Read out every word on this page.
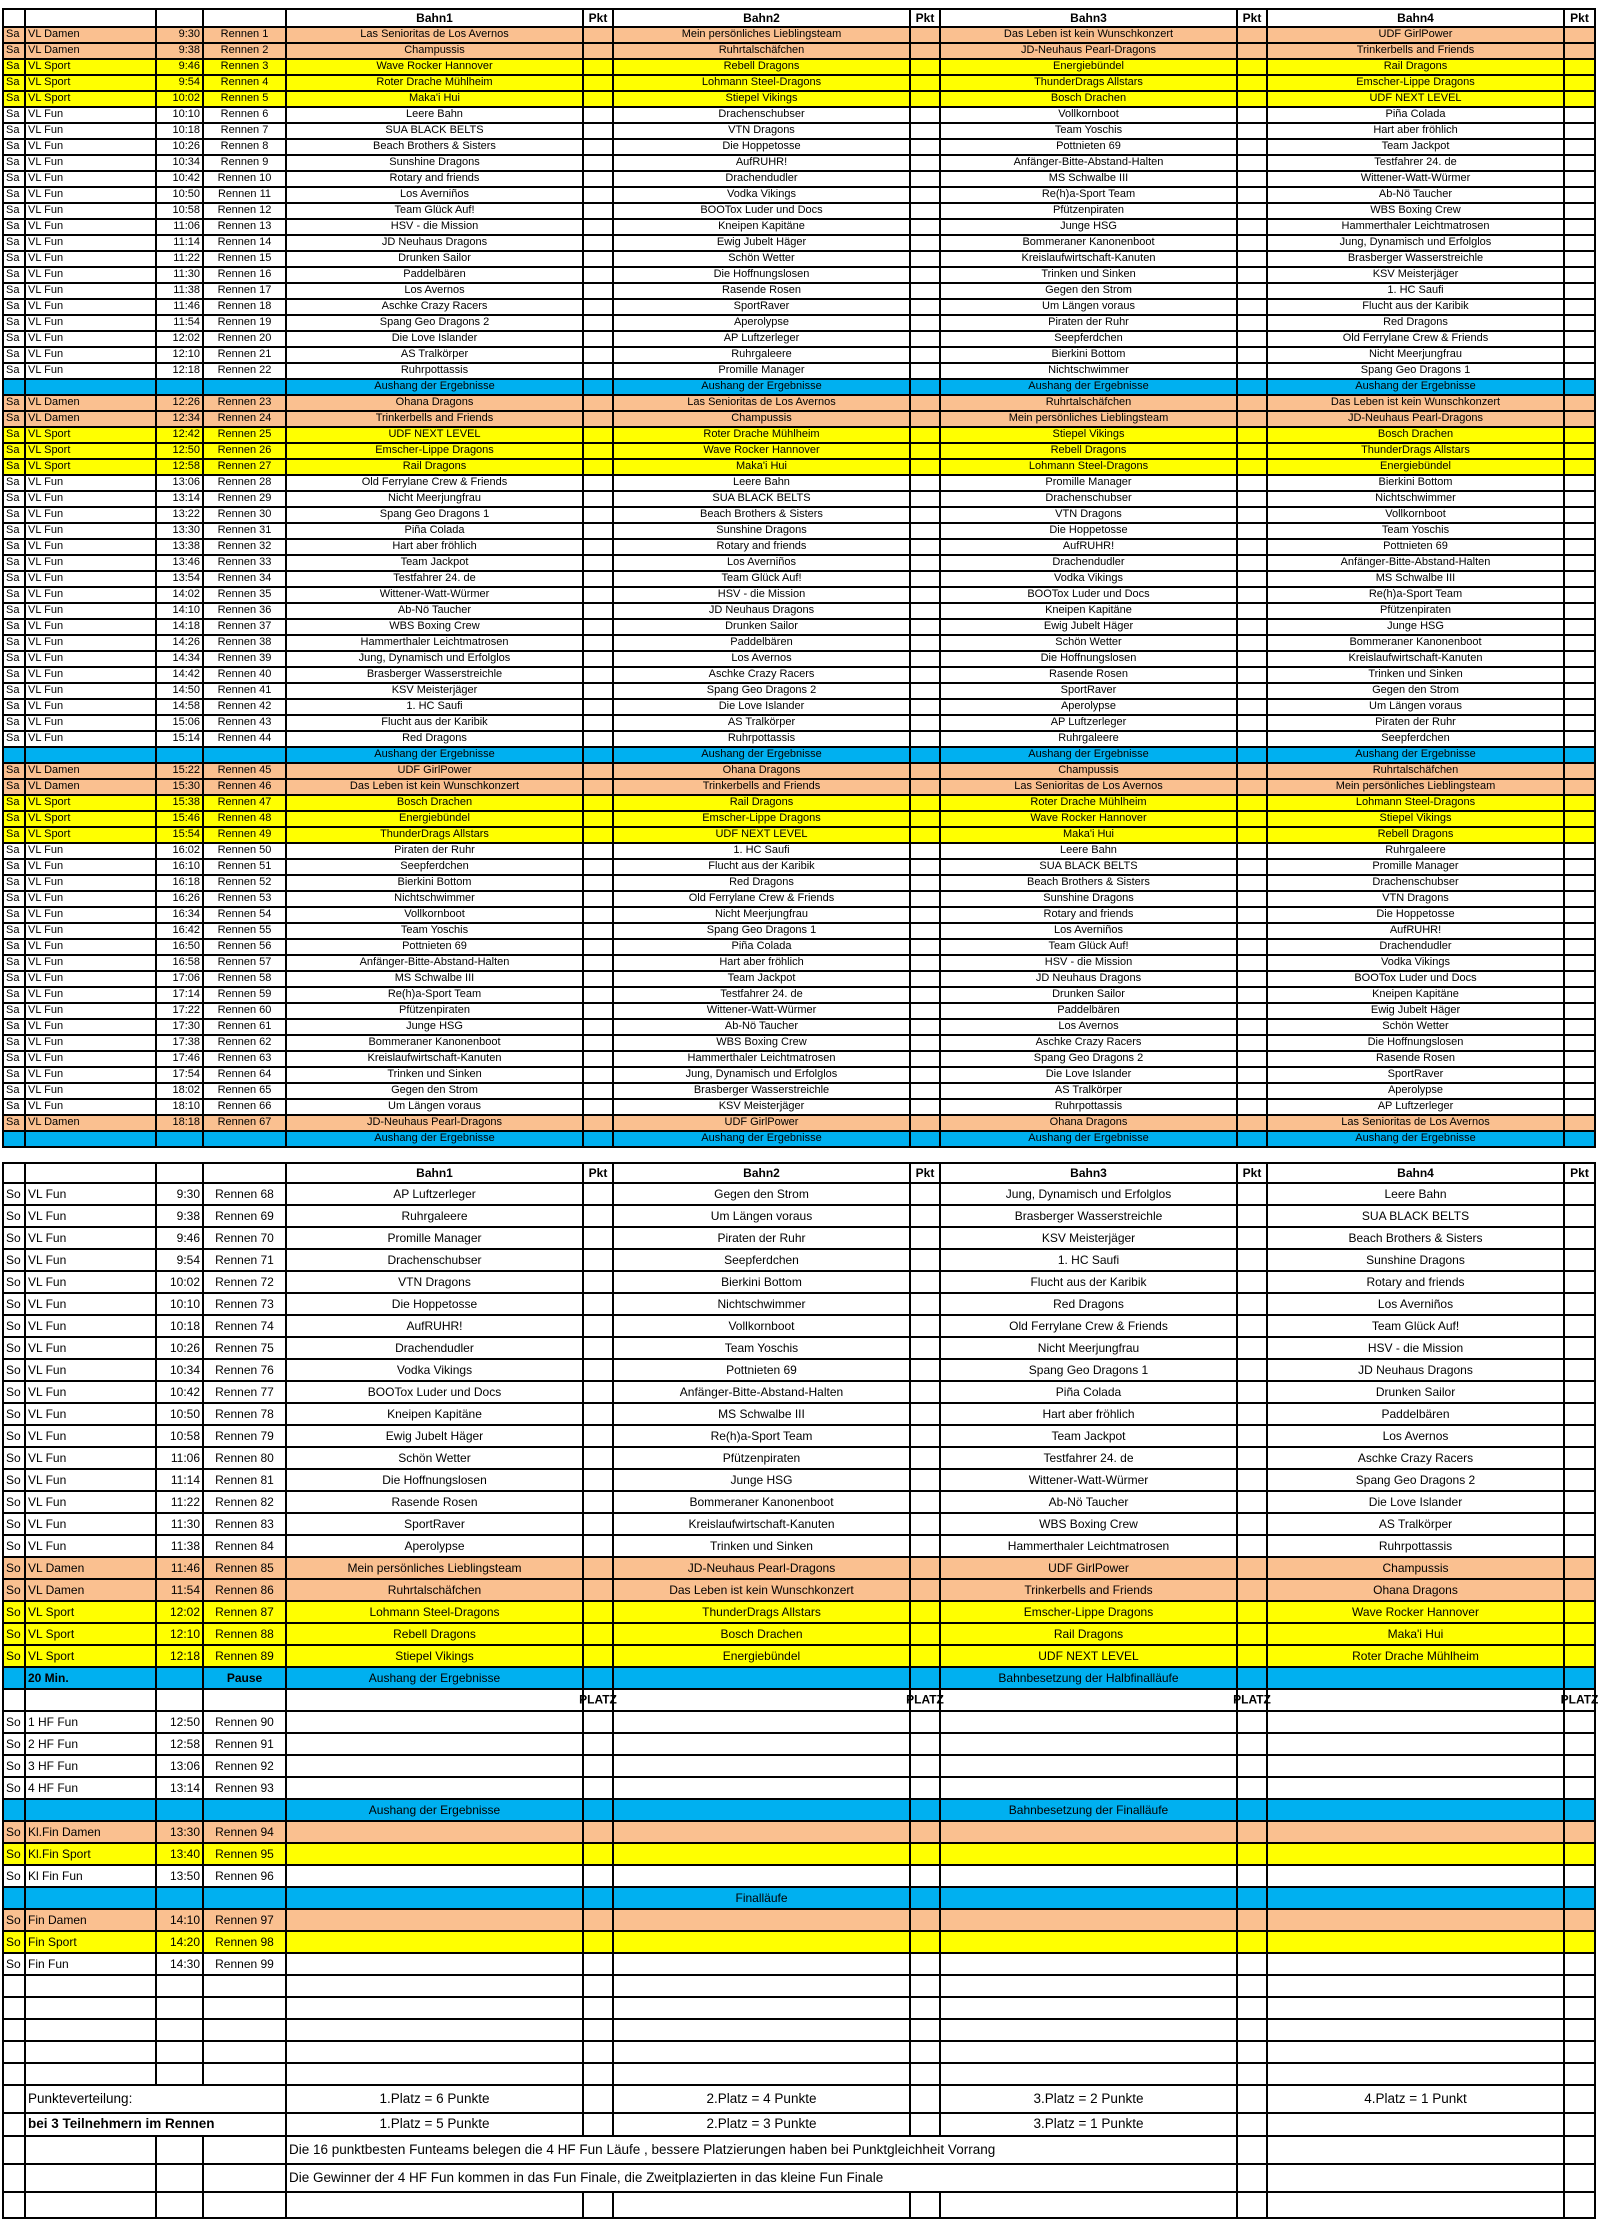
				Bahn1	Pkt	Bahn2	Pkt	Bahn3	Pkt	Bahn4	Pkt
Sa	VL Damen	9:30	Rennen 1	Las Senioritas de Los Avernos		Mein persönliches Lieblingsteam		Das Leben ist kein Wunschkonzert		UDF GirlPower	
Sa	VL Damen	9:38	Rennen 2	Champussis		Ruhrtalschäfchen		JD-Neuhaus Pearl-Dragons		Trinkerbells and Friends	
Sa	VL Sport	9:46	Rennen 3	Wave Rocker Hannover		Rebell Dragons		Energiebündel		Rail Dragons	
Sa	VL Sport	9:54	Rennen 4	Roter Drache Mühlheim		Lohmann Steel-Dragons		ThunderDrags Allstars		Emscher-Lippe Dragons	
Sa	VL Sport	10:02	Rennen 5	Maka'i Hui		Stiepel Vikings		Bosch Drachen		UDF NEXT LEVEL	
Sa	VL Fun	10:10	Rennen 6	Leere Bahn		Drachenschubser		Vollkornboot		Piña Colada	
Sa	VL Fun	10:18	Rennen 7	SUA BLACK BELTS		VTN Dragons		Team Yoschis		Hart aber fröhlich	
Sa	VL Fun	10:26	Rennen 8	Beach Brothers & Sisters		Die Hoppetosse		Pottnieten 69		Team Jackpot	
Sa	VL Fun	10:34	Rennen 9	Sunshine Dragons		AufRUHR!		Anfänger-Bitte-Abstand-Halten		Testfahrer 24. de	
Sa	VL Fun	10:42	Rennen 10	Rotary and friends		Drachendudler		MS Schwalbe III		Wittener-Watt-Würmer	
Sa	VL Fun	10:50	Rennen 11	Los Averniños		Vodka Vikings		Re(h)a-Sport Team		Ab-Nö Taucher	
Sa	VL Fun	10:58	Rennen 12	Team Glück Auf!		BOOTox Luder und Docs		Pfützenpiraten		WBS Boxing Crew	
Sa	VL Fun	11:06	Rennen 13	HSV - die Mission		Kneipen Kapitäne		Junge HSG		Hammerthaler Leichtmatrosen	
Sa	VL Fun	11:14	Rennen 14	JD Neuhaus Dragons		Ewig Jubelt Häger		Bommeraner Kanonenboot		Jung, Dynamisch und Erfolglos	
Sa	VL Fun	11:22	Rennen 15	Drunken Sailor		Schön Wetter		Kreislaufwirtschaft-Kanuten		Brasberger Wasserstreichle	
Sa	VL Fun	11:30	Rennen 16	Paddelbären		Die Hoffnungslosen		Trinken und Sinken		KSV Meisterjäger	
Sa	VL Fun	11:38	Rennen 17	Los Avernos		Rasende Rosen		Gegen den Strom		1. HC Saufi	
Sa	VL Fun	11:46	Rennen 18	Aschke Crazy Racers		SportRaver		Um Längen voraus		Flucht aus der Karibik	
Sa	VL Fun	11:54	Rennen 19	Spang Geo Dragons 2		Aperolypse		Piraten der Ruhr		Red Dragons	
Sa	VL Fun	12:02	Rennen 20	Die Love Islander		AP Luftzerleger		Seepferdchen		Old Ferrylane Crew & Friends	
Sa	VL Fun	12:10	Rennen 21	AS Tralkörper		Ruhrgaleere		Bierkini Bottom		Nicht Meerjungfrau	
Sa	VL Fun	12:18	Rennen 22	Ruhrpottassis		Promille Manager		Nichtschwimmer		Spang Geo Dragons 1	
				Aushang der Ergebnisse		Aushang der Ergebnisse		Aushang der Ergebnisse		Aushang der Ergebnisse	
Sa	VL Damen	12:26	Rennen 23	Ohana Dragons		Las Senioritas de Los Avernos		Ruhrtalschäfchen		Das Leben ist kein Wunschkonzert	
Sa	VL Damen	12:34	Rennen 24	Trinkerbells and Friends		Champussis		Mein persönliches Lieblingsteam		JD-Neuhaus Pearl-Dragons	
Sa	VL Sport	12:42	Rennen 25	UDF NEXT LEVEL		Roter Drache Mühlheim		Stiepel Vikings		Bosch Drachen	
Sa	VL Sport	12:50	Rennen 26	Emscher-Lippe Dragons		Wave Rocker Hannover		Rebell Dragons		ThunderDrags Allstars	
Sa	VL Sport	12:58	Rennen 27	Rail Dragons		Maka'i Hui		Lohmann Steel-Dragons		Energiebündel	
Sa	VL Fun	13:06	Rennen 28	Old Ferrylane Crew & Friends		Leere Bahn		Promille Manager		Bierkini Bottom	
Sa	VL Fun	13:14	Rennen 29	Nicht Meerjungfrau		SUA BLACK BELTS		Drachenschubser		Nichtschwimmer	
Sa	VL Fun	13:22	Rennen 30	Spang Geo Dragons 1		Beach Brothers & Sisters		VTN Dragons		Vollkornboot	
Sa	VL Fun	13:30	Rennen 31	Piña Colada		Sunshine Dragons		Die Hoppetosse		Team Yoschis	
Sa	VL Fun	13:38	Rennen 32	Hart aber fröhlich		Rotary and friends		AufRUHR!		Pottnieten 69	
Sa	VL Fun	13:46	Rennen 33	Team Jackpot		Los Averniños		Drachendudler		Anfänger-Bitte-Abstand-Halten	
Sa	VL Fun	13:54	Rennen 34	Testfahrer 24. de		Team Glück Auf!		Vodka Vikings		MS Schwalbe III	
Sa	VL Fun	14:02	Rennen 35	Wittener-Watt-Würmer		HSV - die Mission		BOOTox Luder und Docs		Re(h)a-Sport Team	
Sa	VL Fun	14:10	Rennen 36	Ab-Nö Taucher		JD Neuhaus Dragons		Kneipen Kapitäne		Pfützenpiraten	
Sa	VL Fun	14:18	Rennen 37	WBS Boxing Crew		Drunken Sailor		Ewig Jubelt Häger		Junge HSG	
Sa	VL Fun	14:26	Rennen 38	Hammerthaler Leichtmatrosen		Paddelbären		Schön Wetter		Bommeraner Kanonenboot	
Sa	VL Fun	14:34	Rennen 39	Jung, Dynamisch und Erfolglos		Los Avernos		Die Hoffnungslosen		Kreislaufwirtschaft-Kanuten	
Sa	VL Fun	14:42	Rennen 40	Brasberger Wasserstreichle		Aschke Crazy Racers		Rasende Rosen		Trinken und Sinken	
Sa	VL Fun	14:50	Rennen 41	KSV Meisterjäger		Spang Geo Dragons 2		SportRaver		Gegen den Strom	
Sa	VL Fun	14:58	Rennen 42	1. HC Saufi		Die Love Islander		Aperolypse		Um Längen voraus	
Sa	VL Fun	15:06	Rennen 43	Flucht aus der Karibik		AS Tralkörper		AP Luftzerleger		Piraten der Ruhr	
Sa	VL Fun	15:14	Rennen 44	Red Dragons		Ruhrpottassis		Ruhrgaleere		Seepferdchen	
				Aushang der Ergebnisse		Aushang der Ergebnisse		Aushang der Ergebnisse		Aushang der Ergebnisse	
Sa	VL Damen	15:22	Rennen 45	UDF GirlPower		Ohana Dragons		Champussis		Ruhrtalschäfchen	
Sa	VL Damen	15:30	Rennen 46	Das Leben ist kein Wunschkonzert		Trinkerbells and Friends		Las Senioritas de Los Avernos		Mein persönliches Lieblingsteam	
Sa	VL Sport	15:38	Rennen 47	Bosch Drachen		Rail Dragons		Roter Drache Mühlheim		Lohmann Steel-Dragons	
Sa	VL Sport	15:46	Rennen 48	Energiebündel		Emscher-Lippe Dragons		Wave Rocker Hannover		Stiepel Vikings	
Sa	VL Sport	15:54	Rennen 49	ThunderDrags Allstars		UDF NEXT LEVEL		Maka'i Hui		Rebell Dragons	
Sa	VL Fun	16:02	Rennen 50	Piraten der Ruhr		1. HC Saufi		Leere Bahn		Ruhrgaleere	
Sa	VL Fun	16:10	Rennen 51	Seepferdchen		Flucht aus der Karibik		SUA BLACK BELTS		Promille Manager	
Sa	VL Fun	16:18	Rennen 52	Bierkini Bottom		Red Dragons		Beach Brothers & Sisters		Drachenschubser	
Sa	VL Fun	16:26	Rennen 53	Nichtschwimmer		Old Ferrylane Crew & Friends		Sunshine Dragons		VTN Dragons	
Sa	VL Fun	16:34	Rennen 54	Vollkornboot		Nicht Meerjungfrau		Rotary and friends		Die Hoppetosse	
Sa	VL Fun	16:42	Rennen 55	Team Yoschis		Spang Geo Dragons 1		Los Averniños		AufRUHR!	
Sa	VL Fun	16:50	Rennen 56	Pottnieten 69		Piña Colada		Team Glück Auf!		Drachendudler	
Sa	VL Fun	16:58	Rennen 57	Anfänger-Bitte-Abstand-Halten		Hart aber fröhlich		HSV - die Mission		Vodka Vikings	
Sa	VL Fun	17:06	Rennen 58	MS Schwalbe III		Team Jackpot		JD Neuhaus Dragons		BOOTox Luder und Docs	
Sa	VL Fun	17:14	Rennen 59	Re(h)a-Sport Team		Testfahrer 24. de		Drunken Sailor		Kneipen Kapitäne	
Sa	VL Fun	17:22	Rennen 60	Pfützenpiraten		Wittener-Watt-Würmer		Paddelbären		Ewig Jubelt Häger	
Sa	VL Fun	17:30	Rennen 61	Junge HSG		Ab-Nö Taucher		Los Avernos		Schön Wetter	
Sa	VL Fun	17:38	Rennen 62	Bommeraner Kanonenboot		WBS Boxing Crew		Aschke Crazy Racers		Die Hoffnungslosen	
Sa	VL Fun	17:46	Rennen 63	Kreislaufwirtschaft-Kanuten		Hammerthaler Leichtmatrosen		Spang Geo Dragons 2		Rasende Rosen	
Sa	VL Fun	17:54	Rennen 64	Trinken und Sinken		Jung, Dynamisch und Erfolglos		Die Love Islander		SportRaver	
Sa	VL Fun	18:02	Rennen 65	Gegen den Strom		Brasberger Wasserstreichle		AS Tralkörper		Aperolypse	
Sa	VL Fun	18:10	Rennen 66	Um Längen voraus		KSV Meisterjäger		Ruhrpottassis		AP Luftzerleger	
Sa	VL Damen	18:18	Rennen 67	JD-Neuhaus Pearl-Dragons		UDF GirlPower		Ohana Dragons		Las Senioritas de Los Avernos	
				Aushang der Ergebnisse		Aushang der Ergebnisse		Aushang der Ergebnisse		Aushang der Ergebnisse	
				Bahn1	Pkt	Bahn2	Pkt	Bahn3	Pkt	Bahn4	Pkt
So	VL Fun	9:30	Rennen 68	AP Luftzerleger		Gegen den Strom		Jung, Dynamisch und Erfolglos		Leere Bahn	
So	VL Fun	9:38	Rennen 69	Ruhrgaleere		Um Längen voraus		Brasberger Wasserstreichle		SUA BLACK BELTS	
So	VL Fun	9:46	Rennen 70	Promille Manager		Piraten der Ruhr		KSV Meisterjäger		Beach Brothers & Sisters	
So	VL Fun	9:54	Rennen 71	Drachenschubser		Seepferdchen		1. HC Saufi		Sunshine Dragons	
So	VL Fun	10:02	Rennen 72	VTN Dragons		Bierkini Bottom		Flucht aus der Karibik		Rotary and friends	
So	VL Fun	10:10	Rennen 73	Die Hoppetosse		Nichtschwimmer		Red Dragons		Los Averniños	
So	VL Fun	10:18	Rennen 74	AufRUHR!		Vollkornboot		Old Ferrylane Crew & Friends		Team Glück Auf!	
So	VL Fun	10:26	Rennen 75	Drachendudler		Team Yoschis		Nicht Meerjungfrau		HSV - die Mission	
So	VL Fun	10:34	Rennen 76	Vodka Vikings		Pottnieten 69		Spang Geo Dragons 1		JD Neuhaus Dragons	
So	VL Fun	10:42	Rennen 77	BOOTox Luder und Docs		Anfänger-Bitte-Abstand-Halten		Piña Colada		Drunken Sailor	
So	VL Fun	10:50	Rennen 78	Kneipen Kapitäne		MS Schwalbe III		Hart aber fröhlich		Paddelbären	
So	VL Fun	10:58	Rennen 79	Ewig Jubelt Häger		Re(h)a-Sport Team		Team Jackpot		Los Avernos	
So	VL Fun	11:06	Rennen 80	Schön Wetter		Pfützenpiraten		Testfahrer 24. de		Aschke Crazy Racers	
So	VL Fun	11:14	Rennen 81	Die Hoffnungslosen		Junge HSG		Wittener-Watt-Würmer		Spang Geo Dragons 2	
So	VL Fun	11:22	Rennen 82	Rasende Rosen		Bommeraner Kanonenboot		Ab-Nö Taucher		Die Love Islander	
So	VL Fun	11:30	Rennen 83	SportRaver		Kreislaufwirtschaft-Kanuten		WBS Boxing Crew		AS Tralkörper	
So	VL Fun	11:38	Rennen 84	Aperolypse		Trinken und Sinken		Hammerthaler Leichtmatrosen		Ruhrpottassis	
So	VL Damen	11:46	Rennen 85	Mein persönliches Lieblingsteam		JD-Neuhaus Pearl-Dragons		UDF GirlPower		Champussis	
So	VL Damen	11:54	Rennen 86	Ruhrtalschäfchen		Das Leben ist kein Wunschkonzert		Trinkerbells and Friends		Ohana Dragons	
So	VL Sport	12:02	Rennen 87	Lohmann Steel-Dragons		ThunderDrags Allstars		Emscher-Lippe Dragons		Wave Rocker Hannover	
So	VL Sport	12:10	Rennen 88	Rebell Dragons		Bosch Drachen		Rail Dragons		Maka'i Hui	
So	VL Sport	12:18	Rennen 89	Stiepel Vikings		Energiebündel		UDF NEXT LEVEL		Roter Drache Mühlheim	
	20 Min.		Pause	Aushang der Ergebnisse				Bahnbesetzung der Halbfinalläufe			

					PLATZ		PLATZ		PLATZ		PLATZ

So	1 HF Fun	12:50	Rennen 90								
So	2 HF Fun	12:58	Rennen 91								
So	3 HF Fun	13:06	Rennen 92								
So	4 HF Fun	13:14	Rennen 93								
				Aushang der Ergebnisse				Bahnbesetzung der Finalläufe			
So	Kl.Fin Damen	13:30	Rennen 94								
So	Kl.Fin Sport	13:40	Rennen 95								
So	Kl Fin Fun	13:50	Rennen 96								
						Finalläufe					
So	Fin Damen	14:10	Rennen 97								
So	Fin Sport	14:20	Rennen 98								
So	Fin Fun	14:30	Rennen 99								

	Punkteverteilung:			1.Platz = 6 Punkte		2.Platz = 4 Punkte		3.Platz = 2 Punkte		4.Platz = 1 Punkt	
	bei 3 Teilnehmern im Rennen			1.Platz = 5 Punkte		2.Platz = 3 Punkte		3.Platz = 1 Punkte			
				Die 16 punktbesten Funteams belegen die 4 HF Fun Läufe , bessere Platzierungen haben bei Punktgleichheit Vorrang							
				Die Gewinner der 4 HF Fun kommen in das Fun Finale, die Zweitplazierten in das kleine Fun Finale							
